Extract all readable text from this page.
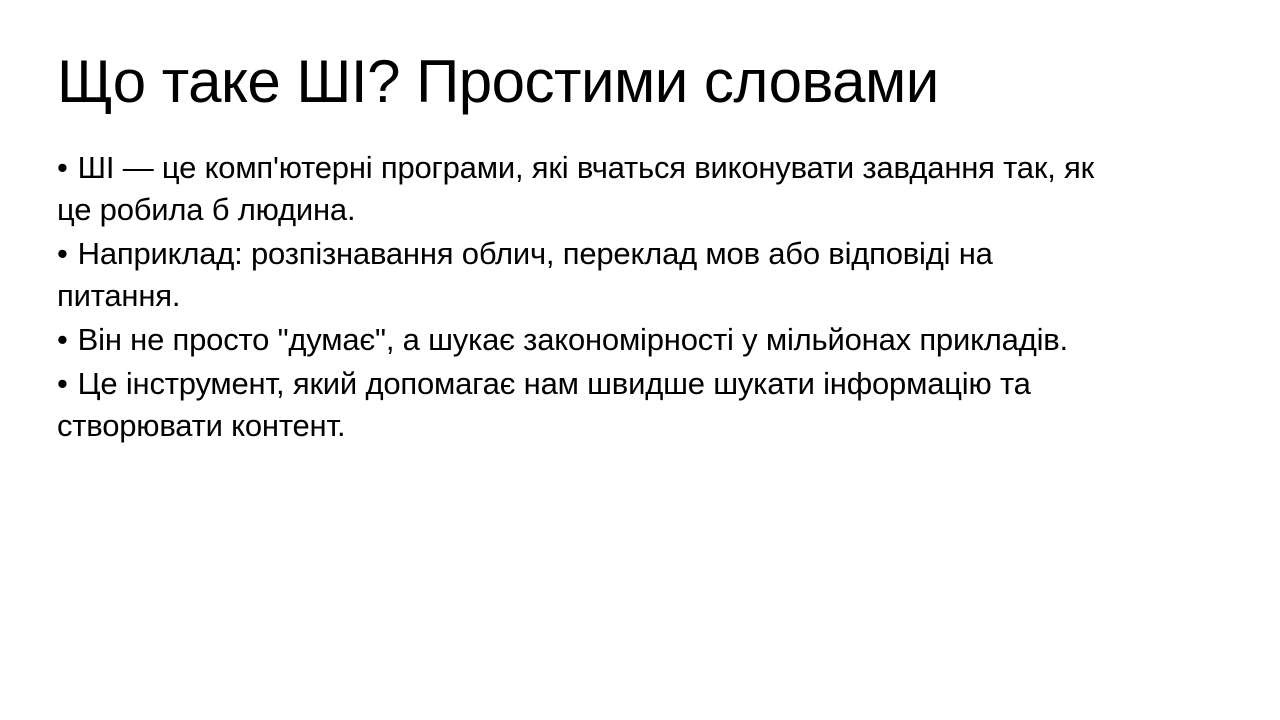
Що таке ШІ? Простими словами

• ШІ — це комп'ютерні програми, які вчаться виконувати завдання так, як
це робила б людина.

• Наприклад: розпізнавання облич, переклад мов або відповіді на
питання.

• Він не просто "думає", а шукає закономірності у мільйонах прикладів.

• Це інструмент, який допомагає нам швидше шукати інформацію та
створювати контент.
